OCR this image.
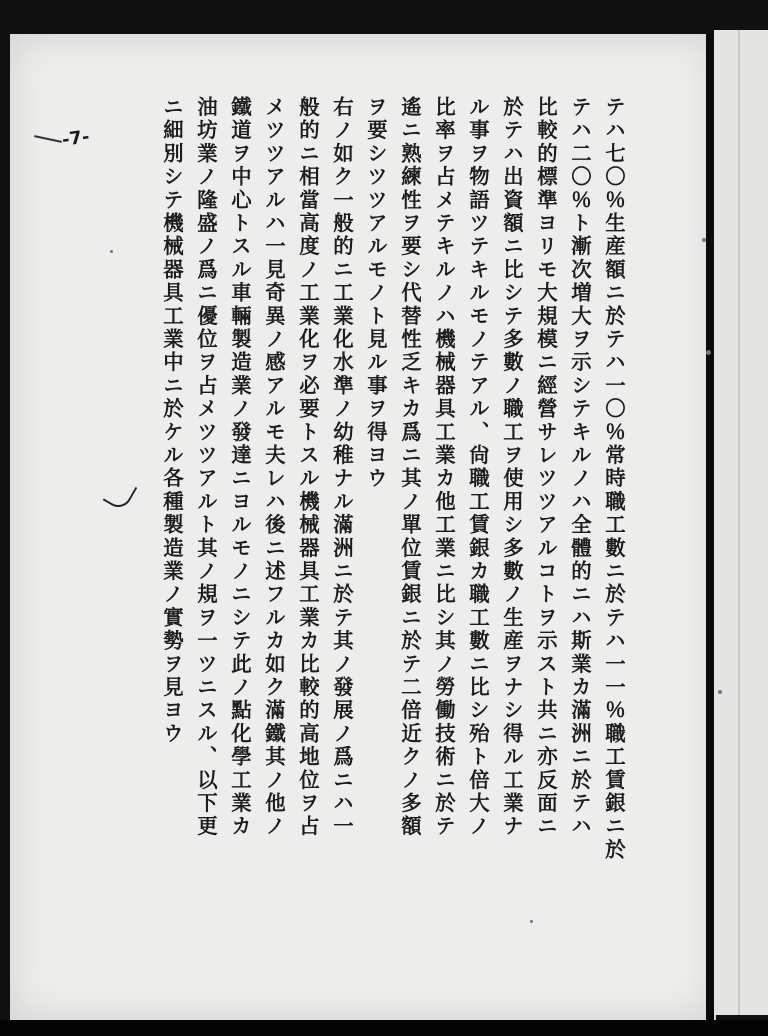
-7-	テハ七〇％生産額ニ於テハ一〇％常時職工數ニ於テハ一一％職工賃銀ニ於
テハ二〇％ト漸次増大ヲ示シテキルノハ全體的ニハ斯業カ滿洲ニ於テハ
比較的標準ヨリモ大規模ニ經營サレツツアルコトヲ示スト共ニ亦反面ニ
於テハ出資額ニ比シテ多數ノ職工ヲ使用シ多數ノ生産ヲナシ得ル工業ナ
ル事ヲ物語ツテキルモノテアル、尙職工賃銀カ職工數ニ比シ殆ト倍大ノ
比率ヲ占メテキルノハ機械器具工業カ他工業ニ比シ其ノ勞働技術ニ於テ
遙ニ熟練性ヲ要シ代替性乏キカ爲ニ其ノ單位賃銀ニ於テ二倍近クノ多額
ヲ要シツツアルモノト見ル事ヲ得ヨウ
右ノ如ク一般的ニ工業化水準ノ幼稚ナル滿洲ニ於テ其ノ發展ノ爲ニハ一
般的ニ相當高度ノ工業化ヲ必要トスル機械器具工業カ比較的高地位ヲ占
メツツアルハ一見奇異ノ感アルモ夫レハ後ニ述フルカ如ク滿鐵其ノ他ノ
鐵道ヲ中心トスル車輛製造業ノ發達ニヨルモノニシテ此ノ點化學工業カ
油坊業ノ隆盛ノ爲ニ優位ヲ占メツツアルト其ノ規ヲ一ツニスル、以下更
ニ細別シテ機械器具工業中ニ於ケル各種製造業ノ實勢ヲ見ヨウ
